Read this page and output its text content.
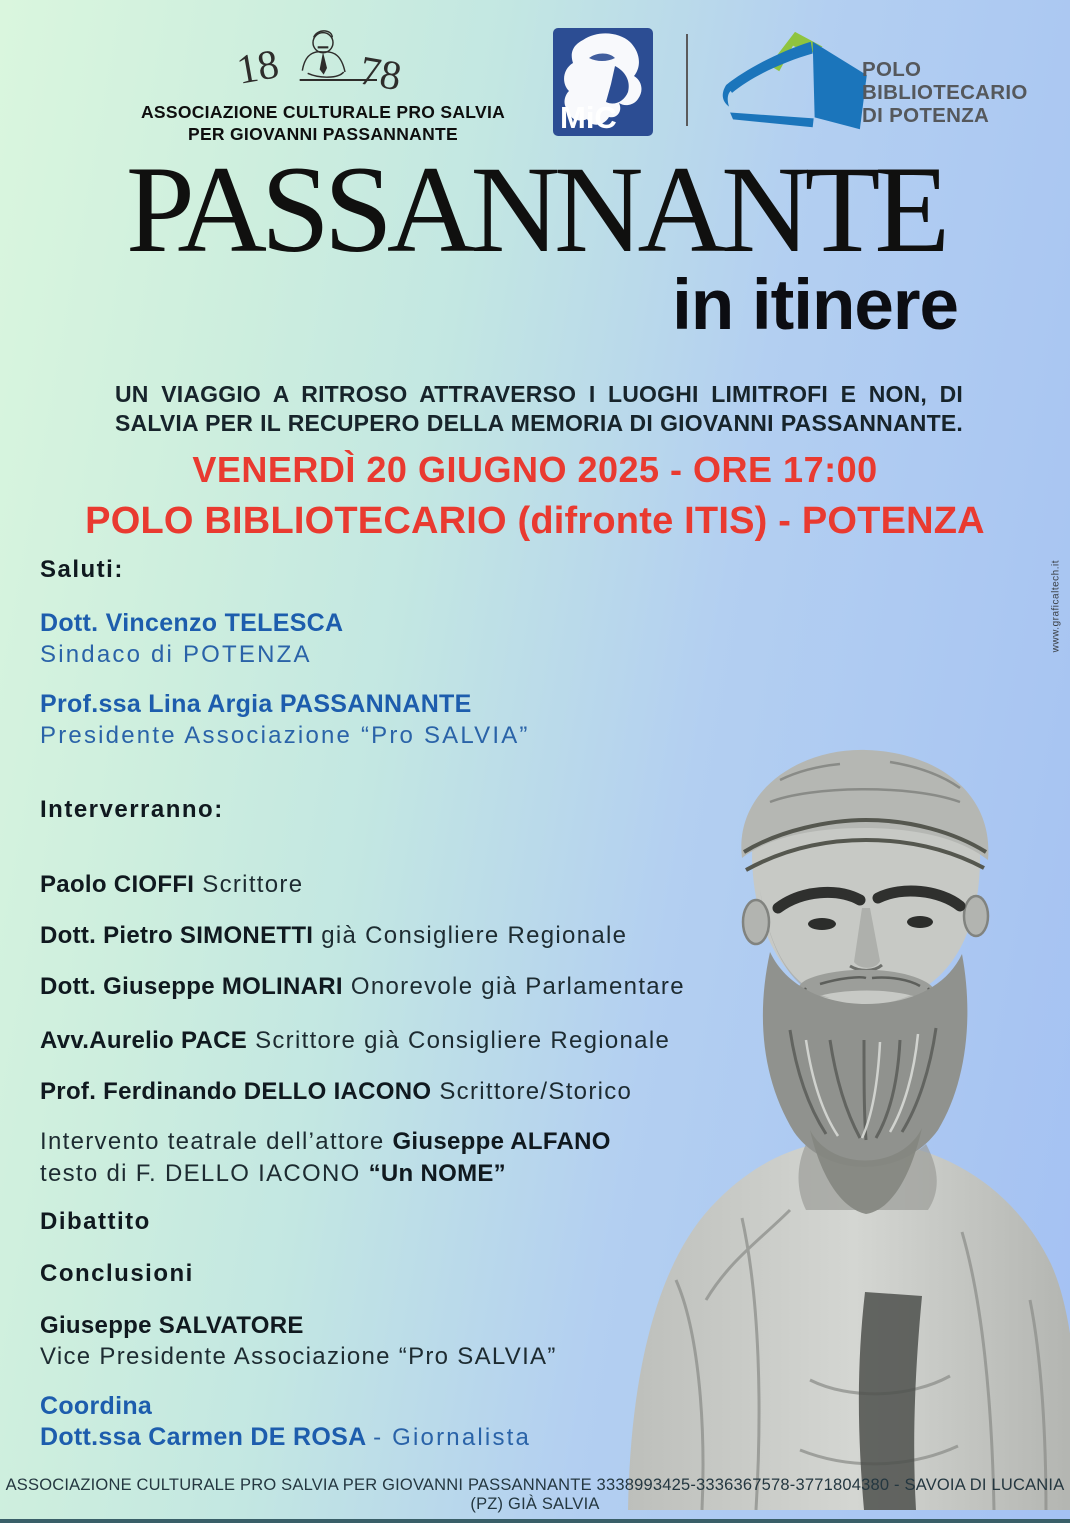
18 78
ASSOCIAZIONE CULTURALE PRO SALVIA
PER GIOVANNI PASSANNANTE	MiC
POLO
BIBLIOTECARIO
DI POTENZA
PASSANNANTE
in itinere
UN VIAGGIO A RITROSO ATTRAVERSO I LUOGHI LIMITROFI E NON, DI SALVIA PER IL RECUPERO DELLA MEMORIA DI GIOVANNI PASSANNANTE.
VENERDÌ 20 GIUGNO 2025 - ORE 17:00
POLO BIBLIOTECARIO (difronte ITIS) - POTENZA
Saluti:
Dott. Vincenzo TELESCA
Sindaco di POTENZA
Prof.ssa Lina Argia PASSANNANTE
Presidente Associazione “Pro SALVIA”
Interverranno:
Paolo CIOFFI Scrittore
Dott. Pietro SIMONETTI già Consigliere Regionale
Dott. Giuseppe MOLINARI Onorevole già Parlamentare
Avv.Aurelio PACE Scrittore già Consigliere Regionale
Prof. Ferdinando DELLO IACONO Scrittore/Storico
Intervento teatrale dell’attore Giuseppe ALFANO
testo di F. DELLO IACONO “Un NOME”
Dibattito
Conclusioni
Giuseppe SALVATORE
Vice Presidente Associazione “Pro SALVIA”
Coordina
Dott.ssa Carmen DE ROSA - Giornalista
www.graficaltech.it
ASSOCIAZIONE CULTURALE PRO SALVIA PER GIOVANNI PASSANNANTE 3338993425-3336367578-3771804380 - SAVOIA DI LUCANIA (PZ) GIÀ SALVIA
